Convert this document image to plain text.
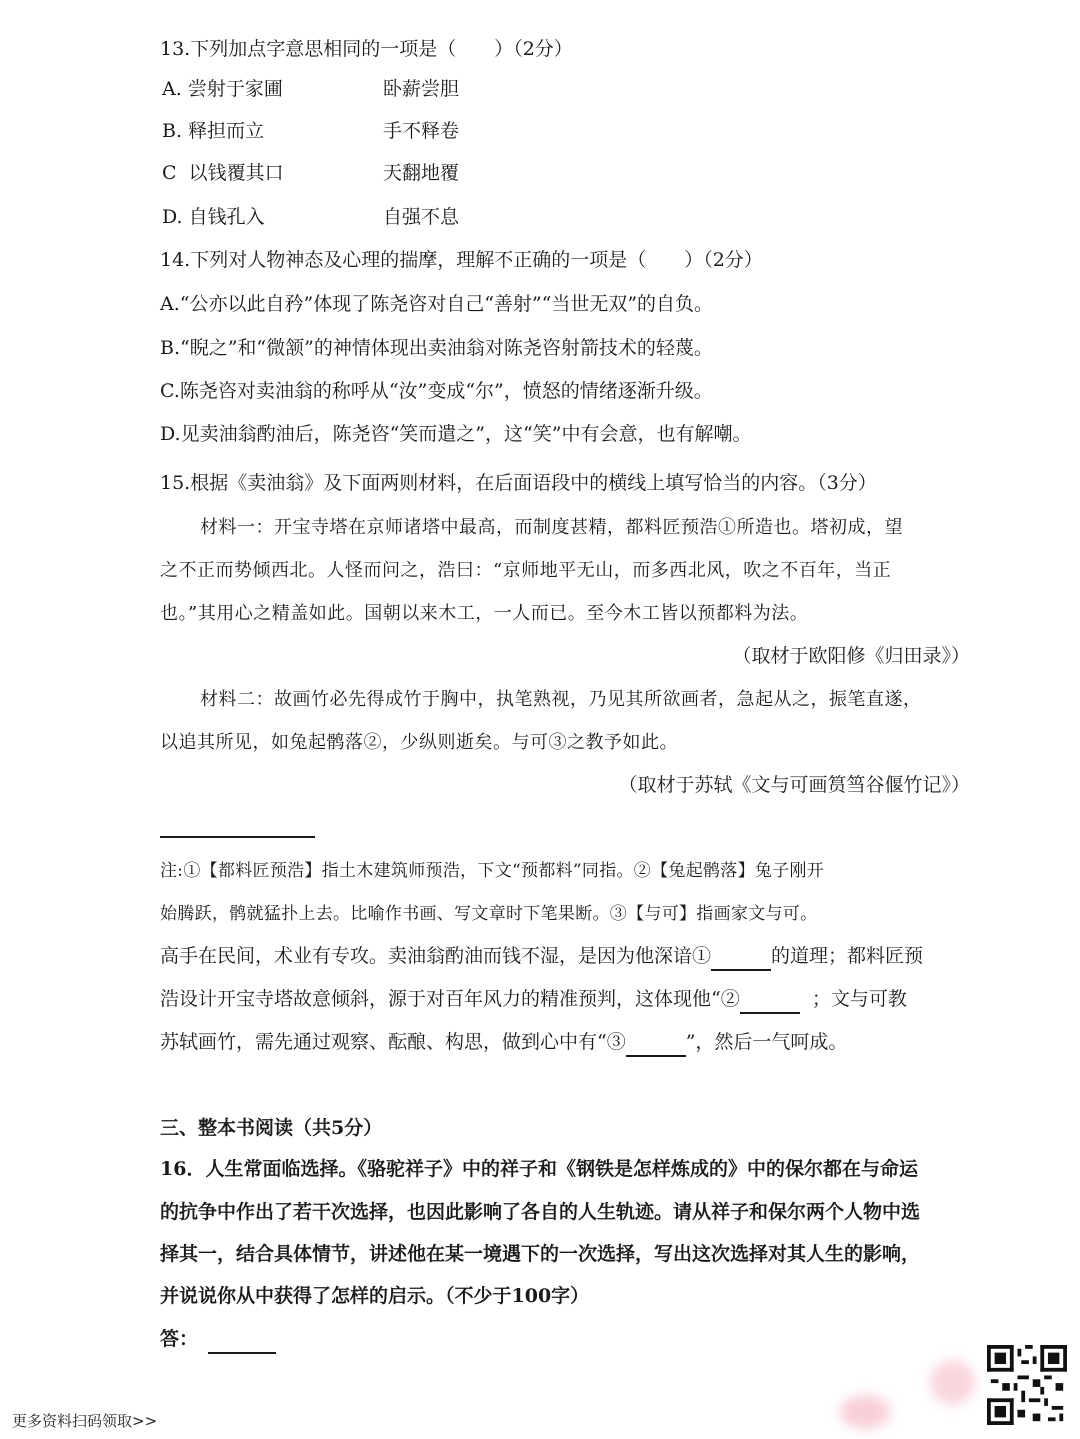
13.下列加点字意思相同的一项是（　　）（2分）
A. 尝射于家圃	卧薪尝胆
B. 释担而立	手不释卷
C 以钱覆其口	天翻地覆
D. 自钱孔入	自强不息
14.下列对人物神态及心理的揣摩，理解不正确的一项是（　　）（2分）
A.“公亦以此自矜”体现了陈尧咨对自己“善射”“当世无双”的自负。
B.“睨之”和“微颔”的神情体现出卖油翁对陈尧咨射箭技术的轻蔑。
C.陈尧咨对卖油翁的称呼从“汝”变成“尔”，愤怒的情绪逐渐升级。
D.见卖油翁酌油后，陈尧咨“笑而遣之”，这“笑”中有会意，也有解嘲。
15.根据《卖油翁》及下面两则材料，在后面语段中的横线上填写恰当的内容。（3分）
材料一：开宝寺塔在京师诸塔中最高，而制度甚精，都料匠预浩①所造也。塔初成，望
之不正而势倾西北。人怪而问之，浩曰：“京师地平无山，而多西北风，吹之不百年，当正
也。”其用心之精盖如此。国朝以来木工，一人而已。至今木工皆以预都料为法。
（取材于欧阳修《归田录》）
材料二：故画竹必先得成竹于胸中，执笔熟视，乃见其所欲画者，急起从之，振笔直遂，
以追其所见，如兔起鹘落②，少纵则逝矣。与可③之教予如此。
（取材于苏轼《文与可画筼筜谷偃竹记》）
注:①【都料匠预浩】指土木建筑师预浩，下文“预都料”同指。②【兔起鹘落】兔子刚开
始腾跃，鹘就猛扑上去。比喻作书画、写文章时下笔果断。③【与可】指画家文与可。
高手在民间，术业有专攻。卖油翁酌油而钱不湿，是因为他深谙①	的道理；都料匠预
浩设计开宝寺塔故意倾斜，源于对百年风力的精准预判，这体现他“②	；文与可教
苏轼画竹，需先通过观察、酝酿、构思，做到心中有“③	”，然后一气呵成。
三、整本书阅读（共5分）
16．人生常面临选择。《骆驼祥子》中的祥子和《钢铁是怎样炼成的》中的保尔都在与命运
的抗争中作出了若干次选择，也因此影响了各自的人生轨迹。请从祥子和保尔两个人物中选
择其一，结合具体情节，讲述他在某一境遇下的一次选择，写出这次选择对其人生的影响，
并说说你从中获得了怎样的启示。（不少于100字）
答：
更多资料扫码领取>>
